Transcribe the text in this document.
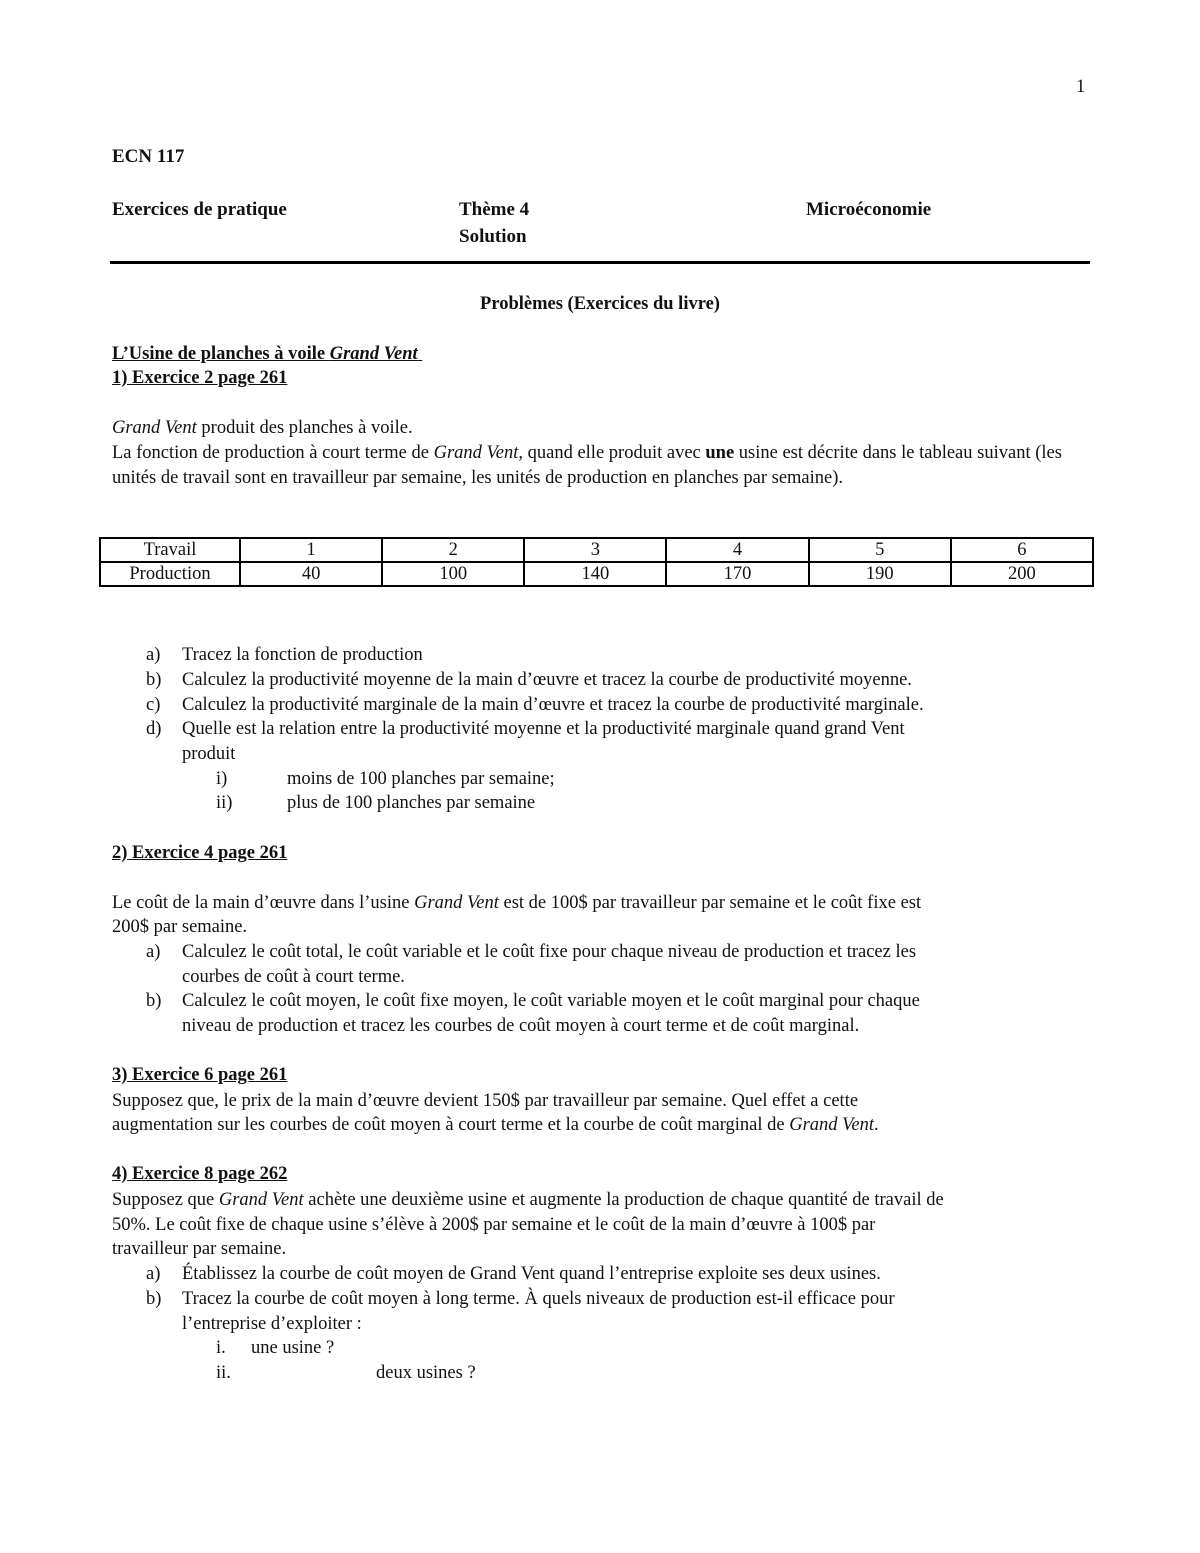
1
ECN 117
Exercices de pratique	Thème 4
Solution
Microéconomie
Problèmes (Exercices du livre)
L’Usine de planches à voile Grand Vent
1) Exercice 2 page 261

Grand Vent produit des planches à voile.

La fonction de production à court terme de Grand Vent, quand elle produit avec une usine est décrite dans le tableau suivant (les unités de travail sont en travailleur par semaine, les unités de production en planches par semaine).

Travail	1	2	3	4	5	6
Production	40	100	140	170	190	200
a) Tracez la fonction de production
b) Calculez la productivité moyenne de la main d’œuvre et tracez la courbe de productivité moyenne.
c) Calculez la productivité marginale de la main d’œuvre et tracez la courbe de productivité marginale.
d) Quelle est la relation entre la productivité moyenne et la productivité marginale quand grand Vent
produit
i)	moins de 100 planches par semaine;
ii)	plus de 100 planches par semaine
2) Exercice 4 page 261
Le coût de la main d’œuvre dans l’usine Grand Vent est de 100$ par travailleur par semaine et le coût fixe est
200$ par semaine.
a) Calculez le coût total, le coût variable et le coût fixe pour chaque niveau de production et tracez les
courbes de coût à court terme.
b) Calculez le coût moyen, le coût fixe moyen, le coût variable moyen et le coût marginal pour chaque
niveau de production et tracez les courbes de coût moyen à court terme et de coût marginal.
3) Exercice 6 page 261
Supposez que, le prix de la main d’œuvre devient 150$ par travailleur par semaine. Quel effet a cette
augmentation sur les courbes de coût moyen à court terme et la courbe de coût marginal de Grand Vent.
4) Exercice 8 page 262
Supposez que Grand Vent achète une deuxième usine et augmente la production de chaque quantité de travail de
50%. Le coût fixe de chaque usine s’élève à 200$ par semaine et le coût de la main d’œuvre à 100$ par
travailleur par semaine.
a) Établissez la courbe de coût moyen de Grand Vent quand l’entreprise exploite ses deux usines.
b) Tracez la courbe de coût moyen à long terme. À quels niveaux de production est-il efficace pour
l’entreprise d’exploiter :
i. une usine ?
ii.	deux usines ?
